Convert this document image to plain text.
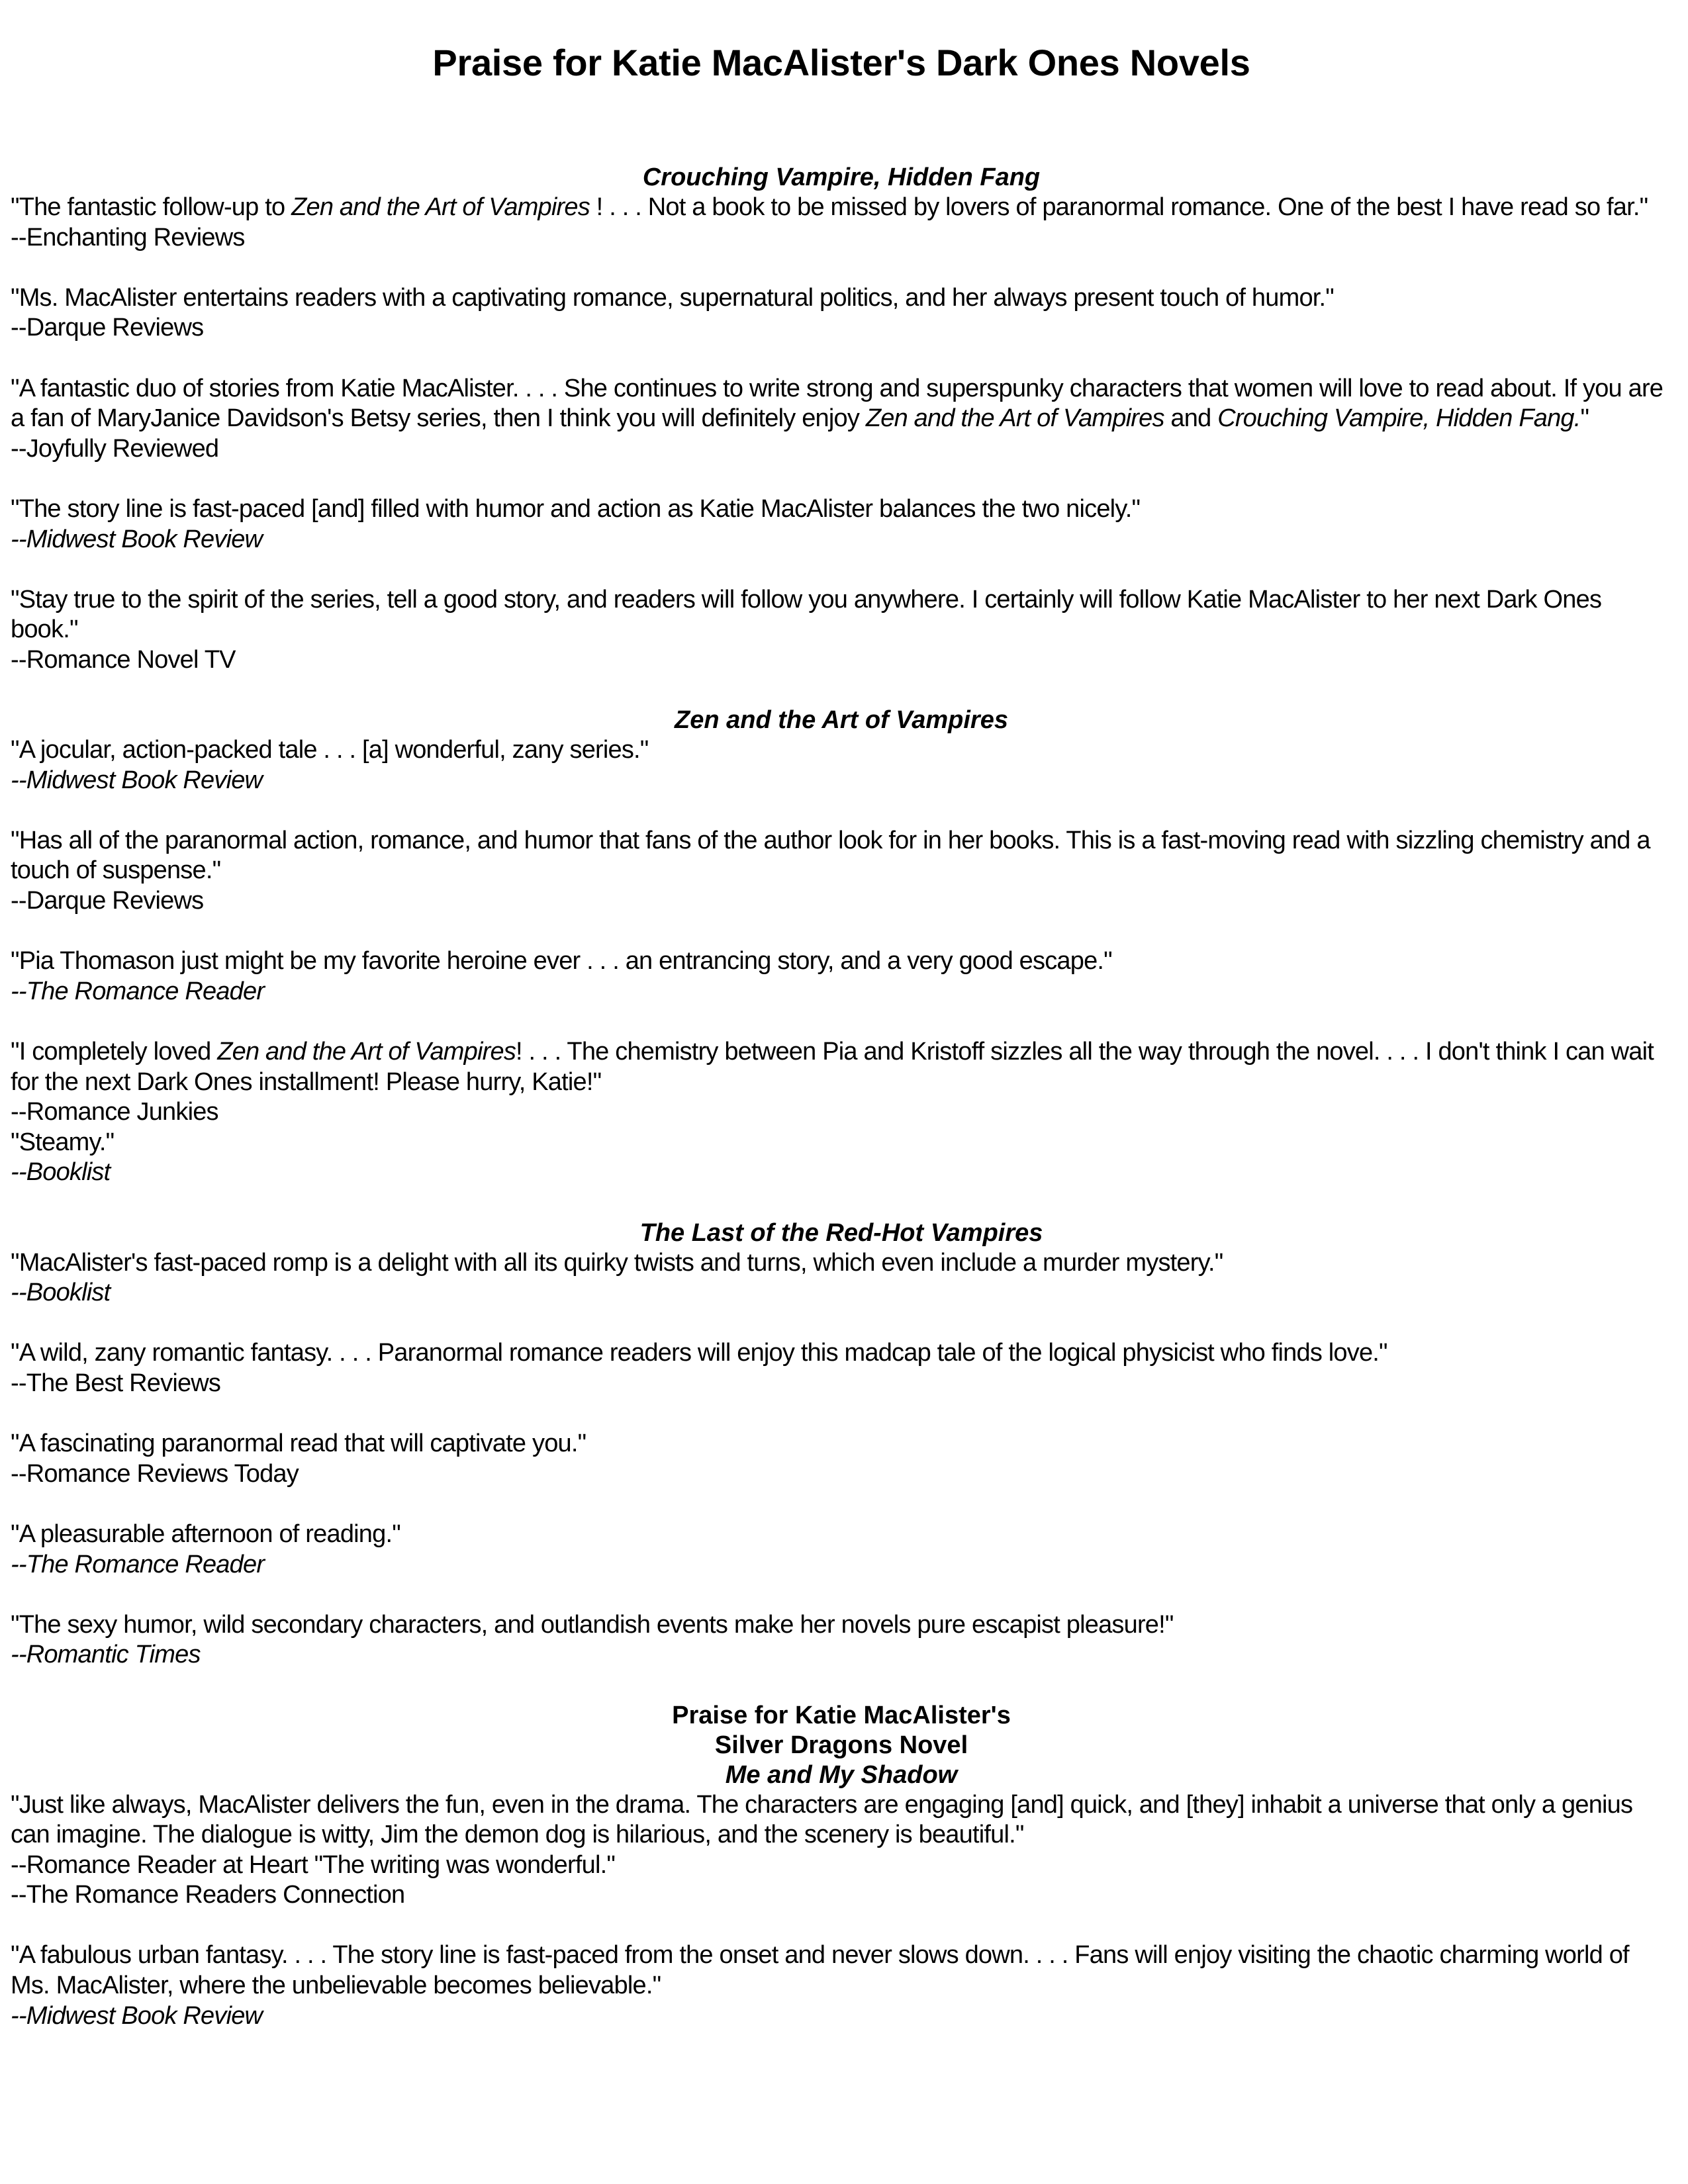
Praise for Katie MacAlister's Dark Ones Novels
Crouching Vampire, Hidden Fang
"The fantastic follow-up to Zen and the Art of Vampires ! . . . Not a book to be missed by lovers of paranormal romance. One of the best I have read so far."
--Enchanting Reviews
"Ms. MacAlister entertains readers with a captivating romance, supernatural politics, and her always present touch of humor."
--Darque Reviews
"A fantastic duo of stories from Katie MacAlister. . . . She continues to write strong and superspunky characters that women will love to read about. If you are a fan of MaryJanice Davidson's Betsy series, then I think you will definitely enjoy Zen and the Art of Vampires and Crouching Vampire, Hidden Fang."
--Joyfully Reviewed
"The story line is fast-paced [and] filled with humor and action as Katie MacAlister balances the two nicely."
--Midwest Book Review
"Stay true to the spirit of the series, tell a good story, and readers will follow you anywhere. I certainly will follow Katie MacAlister to her next Dark Ones book."
--Romance Novel TV
Zen and the Art of Vampires
"A jocular, action-packed tale . . . [a] wonderful, zany series."
--Midwest Book Review
"Has all of the paranormal action, romance, and humor that fans of the author look for in her books. This is a fast-moving read with sizzling chemistry and a touch of suspense."
--Darque Reviews
"Pia Thomason just might be my favorite heroine ever . . . an entrancing story, and a very good escape."
--The Romance Reader
"I completely loved Zen and the Art of Vampires! . . . The chemistry between Pia and Kristoff sizzles all the way through the novel. . . . I don't think I can wait for the next Dark Ones installment! Please hurry, Katie!"
--Romance Junkies
"Steamy."
--Booklist
The Last of the Red-Hot Vampires
"MacAlister's fast-paced romp is a delight with all its quirky twists and turns, which even include a murder mystery."
--Booklist
"A wild, zany romantic fantasy. . . . Paranormal romance readers will enjoy this madcap tale of the logical physicist who finds love."
--The Best Reviews
"A fascinating paranormal read that will captivate you."
--Romance Reviews Today
"A pleasurable afternoon of reading."
--The Romance Reader
"The sexy humor, wild secondary characters, and outlandish events make her novels pure escapist pleasure!"
--Romantic Times
Praise for Katie MacAlister's
Silver Dragons Novel
Me and My Shadow
"Just like always, MacAlister delivers the fun, even in the drama. The characters are engaging [and] quick, and [they] inhabit a universe that only a genius can imagine. The dialogue is witty, Jim the demon dog is hilarious, and the scenery is beautiful."
--Romance Reader at Heart "The writing was wonderful."
--The Romance Readers Connection
"A fabulous urban fantasy. . . . The story line is fast-paced from the onset and never slows down. . . . Fans will enjoy visiting the chaotic charming world of Ms. MacAlister, where the unbelievable becomes believable."
--Midwest Book Review
